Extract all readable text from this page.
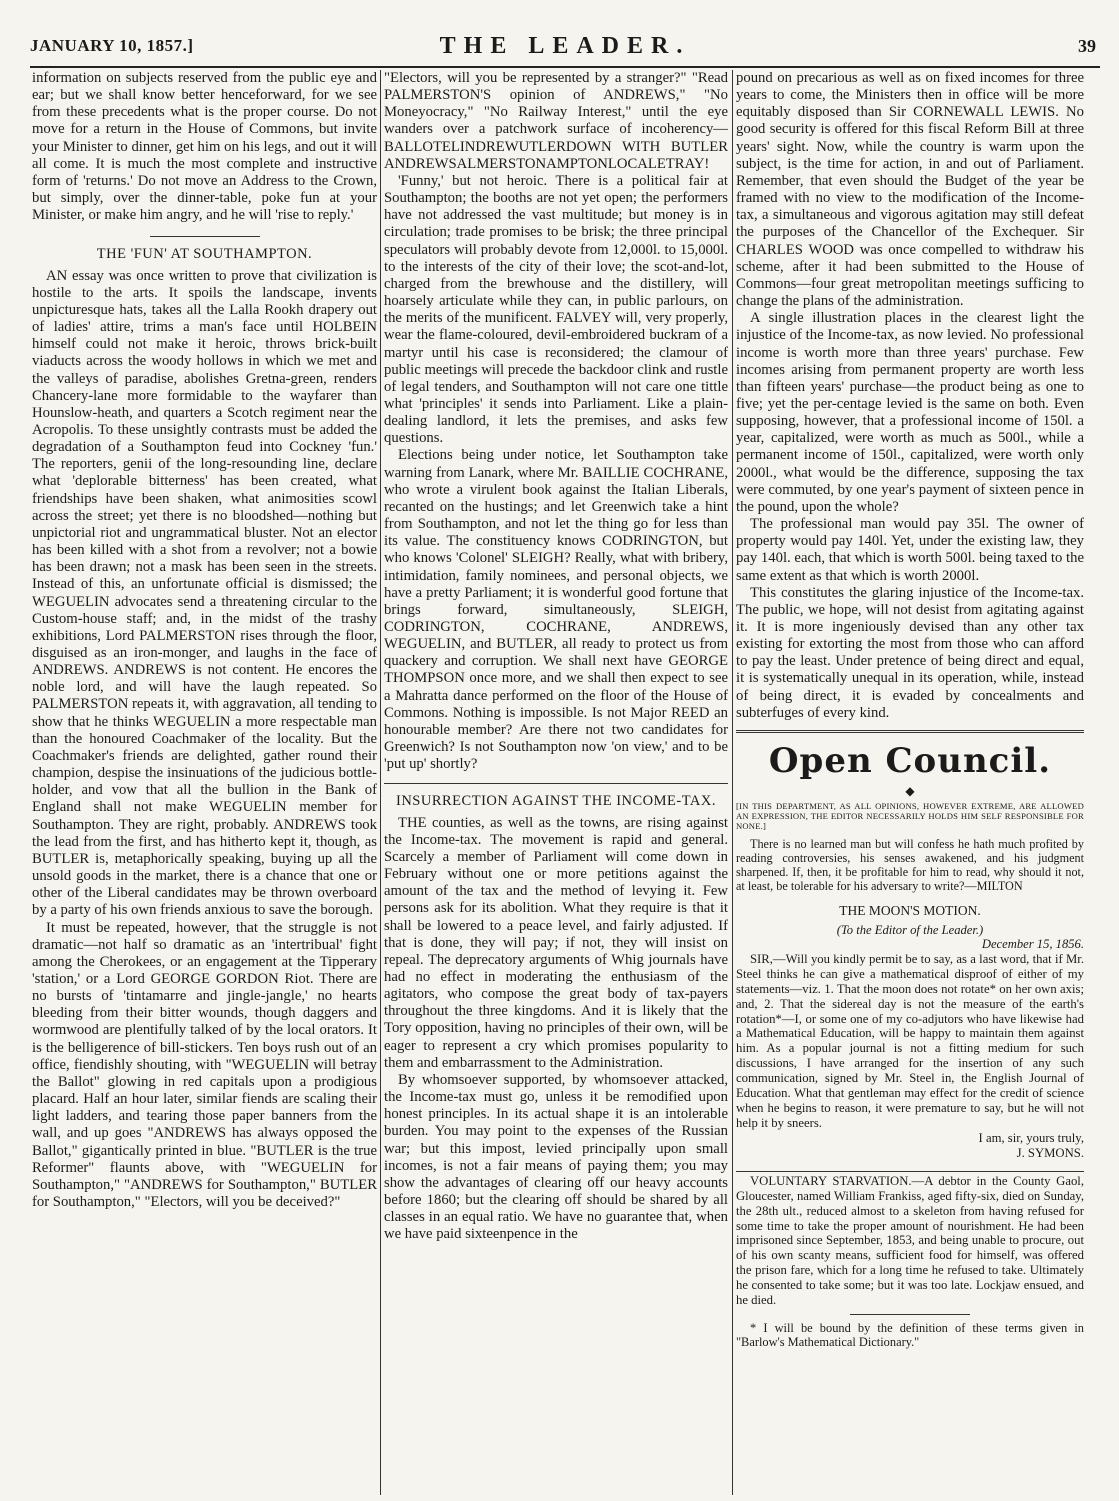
JANUARY 10, 1857.]	THE LEADER.	39

information on subjects reserved from the public eye and ear; but we shall know better henceforward, for we see from these precedents what is the proper course. Do not move for a return in the House of Commons, but invite your Minister to dinner, get him on his legs, and out it will all come. It is much the most complete and instructive form of 'returns.' Do not move an Address to the Crown, but simply, over the dinner-table, poke fun at your Minister, or make him angry, and he will 'rise to reply.'

THE 'FUN' AT SOUTHAMPTON.

AN essay was once written to prove that civilization is hostile to the arts. It spoils the landscape, invents unpicturesque hats, takes all the Lalla Rookh drapery out of ladies' attire, trims a man's face until HOLBEIN himself could not make it heroic, throws brick-built viaducts across the woody hollows in which we met and the valleys of paradise, abolishes Gretna-green, renders Chancery-lane more formidable to the wayfarer than Hounslow-heath, and quarters a Scotch regiment near the Acropolis. To these unsightly contrasts must be added the degradation of a Southampton feud into Cockney 'fun.' The reporters, genii of the long-resounding line, declare what 'deplorable bitterness' has been created, what friendships have been shaken, what animosities scowl across the street; yet there is no bloodshed—nothing but unpictorial riot and ungrammatical bluster. Not an elector has been killed with a shot from a revolver; not a bowie has been drawn; not a mask has been seen in the streets. Instead of this, an unfortunate official is dismissed; the WEGUELIN advocates send a threatening circular to the Custom-house staff; and, in the midst of the trashy exhibitions, Lord PALMERSTON rises through the floor, disguised as an iron-monger, and laughs in the face of ANDREWS. ANDREWS is not content. He encores the noble lord, and will have the laugh repeated. So PALMERSTON repeats it, with aggravation, all tending to show that he thinks WEGUELIN a more respectable man than the honoured Coachmaker of the locality. But the Coachmaker's friends are delighted, gather round their champion, despise the insinuations of the judicious bottle-holder, and vow that all the bullion in the Bank of England shall not make WEGUELIN member for Southampton. They are right, probably. ANDREWS took the lead from the first, and has hitherto kept it, though, as BUTLER is, metaphorically speaking, buying up all the unsold goods in the market, there is a chance that one or other of the Liberal candidates may be thrown overboard by a party of his own friends anxious to save the borough.

It must be repeated, however, that the struggle is not dramatic—not half so dramatic as an 'intertribual' fight among the Cherokees, or an engagement at the Tipperary 'station,' or a Lord GEORGE GORDON Riot. There are no bursts of 'tintamarre and jingle-jangle,' no hearts bleeding from their bitter wounds, though daggers and wormwood are plentifully talked of by the local orators. It is the belligerence of bill-stickers. Ten boys rush out of an office, fiendishly shouting, with "WEGUELIN will betray the Ballot" glowing in red capitals upon a prodigious placard. Half an hour later, similar fiends are scaling their light ladders, and tearing those paper banners from the wall, and up goes "ANDREWS has always opposed the Ballot," gigantically printed in blue. "BUTLER is the true Reformer" flaunts above, with "WEGUELIN for Southampton," "ANDREWS for Southampton," BUTLER for Southampton," "Electors, will you be deceived?"

"Electors, will you be represented by a stranger?" "Read PALMERSTON'S opinion of ANDREWS," "No Moneyocracy," "No Railway Interest," until the eye wanders over a patchwork surface of incoherency—BALLOTELINDREWUTLERDOWN WITH BUTLER ANDREWSALMERSTONAMPTONLOCALETRAY!

'Funny,' but not heroic. There is a political fair at Southampton; the booths are not yet open; the performers have not addressed the vast multitude; but money is in circulation; trade promises to be brisk; the three principal speculators will probably devote from 12,000l. to 15,000l. to the interests of the city of their love; the scot-and-lot, charged from the brewhouse and the distillery, will hoarsely articulate while they can, in public parlours, on the merits of the munificent. FALVEY will, very properly, wear the flame-coloured, devil-embroidered buckram of a martyr until his case is reconsidered; the clamour of public meetings will precede the backdoor clink and rustle of legal tenders, and Southampton will not care one tittle what 'principles' it sends into Parliament. Like a plain-dealing landlord, it lets the premises, and asks few questions.

Elections being under notice, let Southampton take warning from Lanark, where Mr. BAILLIE COCHRANE, who wrote a virulent book against the Italian Liberals, recanted on the hustings; and let Greenwich take a hint from Southampton, and not let the thing go for less than its value. The constituency knows CODRINGTON, but who knows 'Colonel' SLEIGH? Really, what with bribery, intimidation, family nominees, and personal objects, we have a pretty Parliament; it is wonderful good fortune that brings forward, simultaneously, SLEIGH, CODRINGTON, COCHRANE, ANDREWS, WEGUELIN, and BUTLER, all ready to protect us from quackery and corruption. We shall next have GEORGE THOMPSON once more, and we shall then expect to see a Mahratta dance performed on the floor of the House of Commons. Nothing is impossible. Is not Major REED an honourable member? Are there not two candidates for Greenwich? Is not Southampton now 'on view,' and to be 'put up' shortly?

INSURRECTION AGAINST THE INCOME-TAX.

THE counties, as well as the towns, are rising against the Income-tax. The movement is rapid and general. Scarcely a member of Parliament will come down in February without one or more petitions against the amount of the tax and the method of levying it. Few persons ask for its abolition. What they require is that it shall be lowered to a peace level, and fairly adjusted. If that is done, they will pay; if not, they will insist on repeal. The deprecatory arguments of Whig journals have had no effect in moderating the enthusiasm of the agitators, who compose the great body of tax-payers throughout the three kingdoms. And it is likely that the Tory opposition, having no principles of their own, will be eager to represent a cry which promises popularity to them and embarrassment to the Administration.

By whomsoever supported, by whomsoever attacked, the Income-tax must go, unless it be remodified upon honest principles. In its actual shape it is an intolerable burden. You may point to the expenses of the Russian war; but this impost, levied principally upon small incomes, is not a fair means of paying them; you may show the advantages of clearing off our heavy accounts before 1860; but the clearing off should be shared by all classes in an equal ratio. We have no guarantee that, when we have paid sixteenpence in the

pound on precarious as well as on fixed incomes for three years to come, the Ministers then in office will be more equitably disposed than Sir CORNEWALL LEWIS. No good security is offered for this fiscal Reform Bill at three years' sight. Now, while the country is warm upon the subject, is the time for action, in and out of Parliament. Remember, that even should the Budget of the year be framed with no view to the modification of the Income-tax, a simultaneous and vigorous agitation may still defeat the purposes of the Chancellor of the Exchequer. Sir CHARLES WOOD was once compelled to withdraw his scheme, after it had been submitted to the House of Commons—four great metropolitan meetings sufficing to change the plans of the administration.

A single illustration places in the clearest light the injustice of the Income-tax, as now levied. No professional income is worth more than three years' purchase. Few incomes arising from permanent property are worth less than fifteen years' purchase—the product being as one to five; yet the per-centage levied is the same on both. Even supposing, however, that a professional income of 150l. a year, capitalized, were worth as much as 500l., while a permanent income of 150l., capitalized, were worth only 2000l., what would be the difference, supposing the tax were commuted, by one year's payment of sixteen pence in the pound, upon the whole?

The professional man would pay 35l. The owner of property would pay 140l. Yet, under the existing law, they pay 140l. each, that which is worth 500l. being taxed to the same extent as that which is worth 2000l.

This constitutes the glaring injustice of the Income-tax. The public, we hope, will not desist from agitating against it. It is more ingeniously devised than any other tax existing for extorting the most from those who can afford to pay the least. Under pretence of being direct and equal, it is systematically unequal in its operation, while, instead of being direct, it is evaded by concealments and subterfuges of every kind.

Open Council.
◆
[IN THIS DEPARTMENT, AS ALL OPINIONS, HOWEVER EXTREME, ARE ALLOWED AN EXPRESSION, THE EDITOR NECESSARILY HOLDS HIM SELF RESPONSIBLE FOR NONE.]

There is no learned man but will confess he hath much profited by reading controversies, his senses awakened, and his judgment sharpened. If, then, it be profitable for him to read, why should it not, at least, be tolerable for his adversary to write?—MILTON

THE MOON'S MOTION.
(To the Editor of the Leader.)
December 15, 1856.

SIR,—Will you kindly permit be to say, as a last word, that if Mr. Steel thinks he can give a mathematical disproof of either of my statements—viz. 1. That the moon does not rotate* on her own axis; and, 2. That the sidereal day is not the measure of the earth's rotation*—I, or some one of my co-adjutors who have likewise had a Mathematical Education, will be happy to maintain them against him. As a popular journal is not a fitting medium for such discussions, I have arranged for the insertion of any such communication, signed by Mr. Steel in, the English Journal of Education. What that gentleman may effect for the credit of science when he begins to reason, it were premature to say, but he will not help it by sneers.

I am, sir, yours truly,
J. SYMONS.

VOLUNTARY STARVATION.—A debtor in the County Gaol, Gloucester, named William Frankiss, aged fifty-six, died on Sunday, the 28th ult., reduced almost to a skeleton from having refused for some time to take the proper amount of nourishment. He had been imprisoned since September, 1853, and being unable to procure, out of his own scanty means, sufficient food for himself, was offered the prison fare, which for a long time he refused to take. Ultimately he consented to take some; but it was too late. Lockjaw ensued, and he died.

* I will be bound by the definition of these terms given in "Barlow's Mathematical Dictionary."
